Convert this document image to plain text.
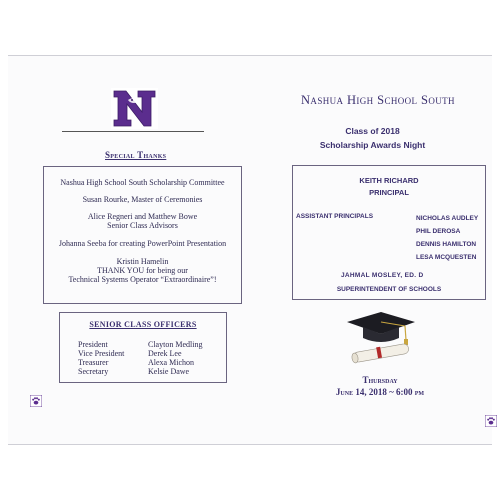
Special Thanks
Nashua High School South Scholarship Committee
Susan Rourke, Master of Ceremonies
Alice Regneri and Matthew Bowe
Senior Class Advisors
Johanna Seeba for creating PowerPoint Presentation
Kristin Hamelin
THANK YOU for being our
Technical Systems Operator “Extraordinaire”!
SENIOR CLASS OFFICERS
President
Vice President
Treasurer
Secretary
Clayton Medling
Derek Lee
Alexa Michon
Kelsie Dawe
Nashua High School South
Class of 2018
Scholarship Awards Night
KEITH RICHARD
PRINCIPAL
ASSISTANT PRINCIPALS	NICHOLAS AUDLEY
PHIL DEROSA
DENNIS HAMILTON
LESA MCQUESTEN
JAHMAL MOSLEY, ED. D
SUPERINTENDENT OF SCHOOLS
Thursday
June 14, 2018 ~ 6:00 pm
